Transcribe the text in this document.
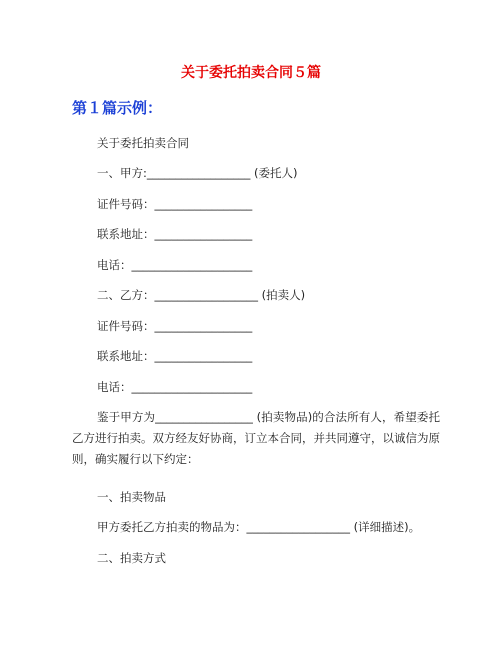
关于委托拍卖合同５篇
第１篇示例：
关于委托拍卖合同
一、甲方:__________________ (委托人)
证件号码：_________________
联系地址：_________________
电话：_____________________
二、乙方：__________________ (拍卖人)
证件号码：_________________
联系地址：_________________
电话：_____________________
鉴于甲方为_________________ (拍卖物品)的合法所有人，希望委托乙方进行拍卖。双方经友好协商，订立本合同，并共同遵守，以诚信为原则，确实履行以下约定：
一、拍卖物品
甲方委托乙方拍卖的物品为：__________________ (详细描述)。
二、拍卖方式
